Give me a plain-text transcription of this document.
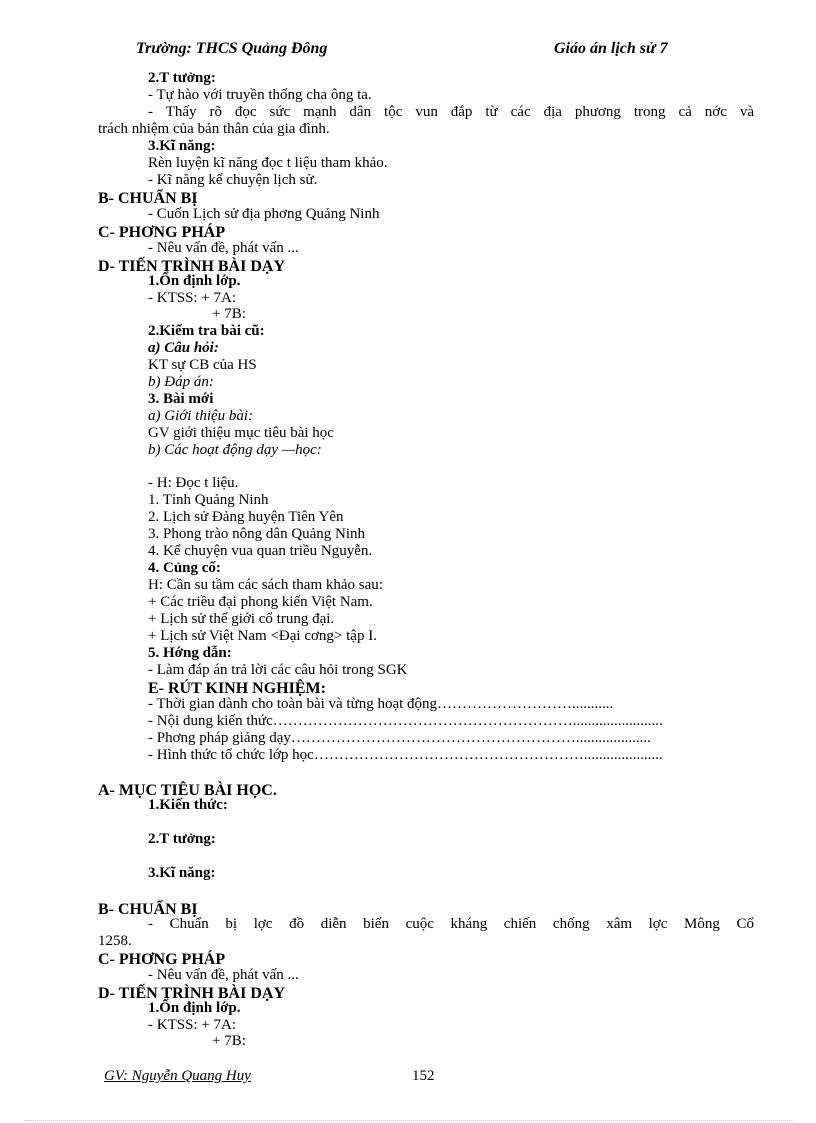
Trường: THCS Quảng Đông	Giáo án lịch sử 7
2.T tưởng:
- Tự hào với truyền thống cha ông ta.
- Thấy rõ đọc sức mạnh dân tộc vun đắp từ các địa phương trong cả nớc và
trách nhiệm của bản thân của gia đình.
3.Kĩ năng:
Rèn luyện kĩ năng đọc t liệu tham khảo.
- Kĩ năng kể chuyện lịch sử.
B- CHUẨN BỊ
- Cuốn Lịch sử địa phơng Quảng Ninh
C- PHƠNG PHÁP
- Nêu vấn đề, phát vấn ...
D- TIẾN TRÌNH BÀI DẠY
1.Ổn định lớp.
- KTSS: + 7A:
+ 7B:
2.Kiểm tra bài cũ:
a) Câu hỏi:
KT sự CB của HS
b) Đáp án:
3. Bài mới
a) Giới thiệu bài:
GV giới thiệu mục tiêu bài học
b) Các hoạt động dạy —học:
- H: Đọc t liệu.
1. Tỉnh Quảng Ninh
2. Lịch sử Đảng huyện Tiên Yên
3. Phong trào nông dân Quảng Ninh
4. Kể chuyện vua quan triều Nguyễn.
4. Củng cố:
H: Cần su tầm các sách tham khảo sau:
+ Các triều đại phong kiến Việt Nam.
+ Lịch sử thế giới cổ trung đại.
+ Lịch sử Việt Nam <Đại cơng> tập I.
5. Hớng dẫn:
- Làm đáp án trả lời các câu hỏi trong SGK
E- RÚT KINH NGHIỆM:
- Thời gian dành cho toàn bài và từng hoạt động………………………...........
- Nội dung kiến thức……………………………………………………........................
- Phơng pháp giảng dạy…………………………………………………....................
- Hình thức tổ chức lớp học……………………………………………….....................
A- MỤC TIÊU BÀI HỌC.
1.Kiến thức:
2.T tưởng:
3.Kĩ năng:
B- CHUẨN BỊ
- Chuẩn bị lợc đồ diễn biến cuộc kháng chiến chống xâm lợc Mông Cổ
1258.
C- PHƠNG PHÁP
- Nêu vấn đề, phát vấn ...
D- TIẾN TRÌNH BÀI DẠY
1.Ổn định lớp.
- KTSS: + 7A:
+ 7B:
GV: Nguyễn Quang Huy	152
